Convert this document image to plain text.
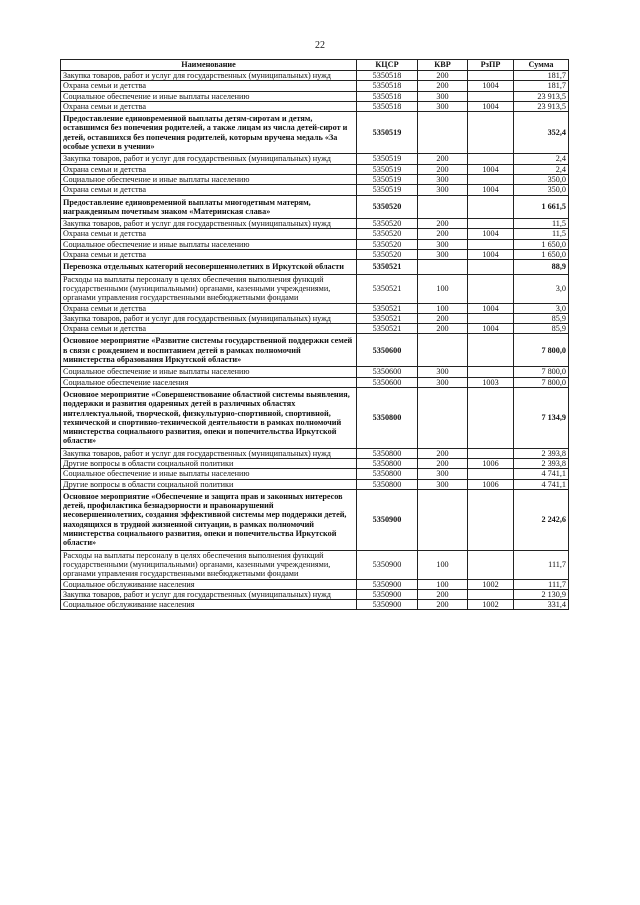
22
Наименование	КЦСР	КВР	РзПР	Сумма
Закупка товаров, работ и услуг для государственных (муниципальных) нужд	5350518	200		181,7
Охрана семьи и детства	5350518	200	1004	181,7
Социальное обеспечение и иные выплаты населению	5350518	300		23 913,5
Охрана семьи и детства	5350518	300	1004	23 913,5
Предоставление единовременной выплаты детям-сиротам и детям, оставшимся без попечения родителей, а также лицам из числа детей-сирот и детей, оставшихся без попечения родителей, которым вручена медаль «За особые успехи в учении»	5350519			352,4
Закупка товаров, работ и услуг для государственных (муниципальных) нужд	5350519	200		2,4
Охрана семьи и детства	5350519	200	1004	2,4
Социальное обеспечение и иные выплаты населению	5350519	300		350,0
Охрана семьи и детства	5350519	300	1004	350,0
Предоставление единовременной выплаты многодетным матерям, награжденным почетным знаком «Материнская слава»	5350520			1 661,5
Закупка товаров, работ и услуг для государственных (муниципальных) нужд	5350520	200		11,5
Охрана семьи и детства	5350520	200	1004	11,5
Социальное обеспечение и иные выплаты населению	5350520	300		1 650,0
Охрана семьи и детства	5350520	300	1004	1 650,0
Перевозка отдельных категорий несовершеннолетних в Иркутской области	5350521			88,9
Расходы на выплаты персоналу в целях обеспечения выполнения функций государственными (муниципальными) органами, казенными учреждениями, органами управления государственными внебюджетными фондами	5350521	100		3,0
Охрана семьи и детства	5350521	100	1004	3,0
Закупка товаров, работ и услуг для государственных (муниципальных) нужд	5350521	200		85,9
Охрана семьи и детства	5350521	200	1004	85,9
Основное мероприятие «Развитие системы государственной поддержки семей в связи с рождением и воспитанием детей в рамках полномочий министерства образования Иркутской области»	5350600			7 800,0
Социальное обеспечение и иные выплаты населению	5350600	300		7 800,0
Социальное обеспечение населения	5350600	300	1003	7 800,0
Основное мероприятие «Совершенствование областной системы выявления, поддержки и развития одаренных детей в различных областях интеллектуальной, творческой, физкультурно-спортивной, спортивной, технической и спортивно-технической деятельности в рамках полномочий министерства социального развития, опеки и попечительства Иркутской области»	5350800			7 134,9
Закупка товаров, работ и услуг для государственных (муниципальных) нужд	5350800	200		2 393,8
Другие вопросы в области социальной политики	5350800	200	1006	2 393,8
Социальное обеспечение и иные выплаты населению	5350800	300		4 741,1
Другие вопросы в области социальной политики	5350800	300	1006	4 741,1
Основное мероприятие «Обеспечение и защита прав и законных интересов детей, профилактика безнадзорности и правонарушений несовершеннолетних, создания эффективной системы мер поддержки детей, находящихся в трудной жизненной ситуации, в рамках полномочий министерства социального развития, опеки и попечительства Иркутской области»	5350900			2 242,6
Расходы на выплаты персоналу в целях обеспечения выполнения функций государственными (муниципальными) органами, казенными учреждениями, органами управления государственными внебюджетными фондами	5350900	100		111,7
Социальное обслуживание населения	5350900	100	1002	111,7
Закупка товаров, работ и услуг для государственных (муниципальных) нужд	5350900	200		2 130,9
Социальное обслуживание населения	5350900	200	1002	331,4
